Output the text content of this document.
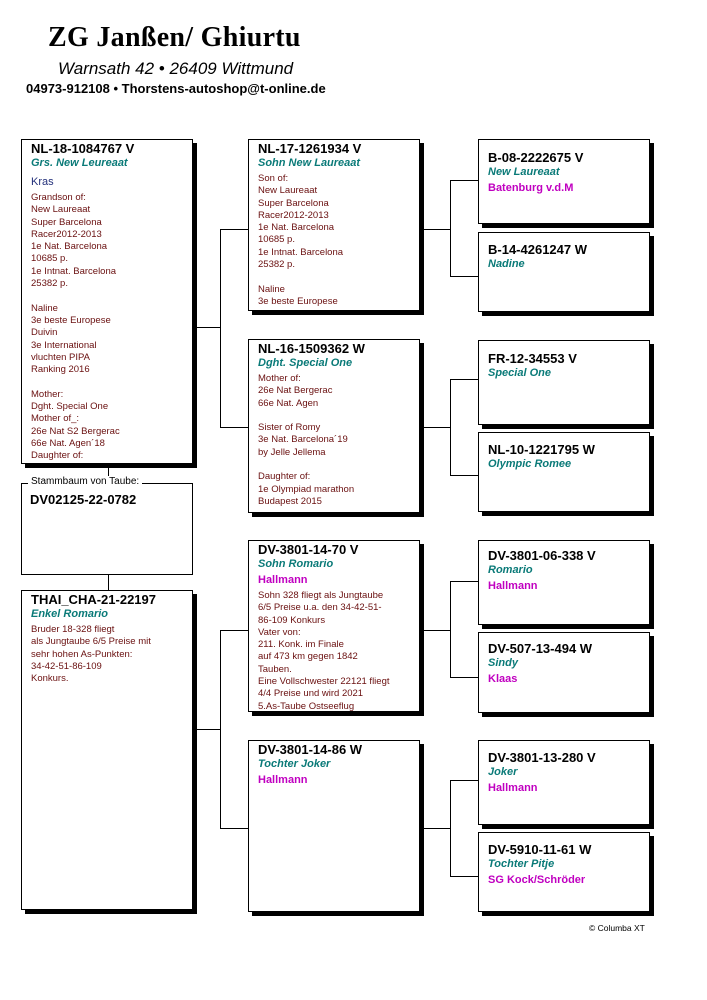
ZG Janßen/ Ghiurtu
Warnsath 42 • 26409 Wittmund
04973-912108 • Thorstens-autoshop@t-online.de
NL-18-1084767 V
Grs. New Leureaat
Kras
Grandson of:
New Laureaat
Super Barcelona
Racer2012-2013
1e Nat. Barcelona
10685 p.
1e Intnat. Barcelona
25382 p.

Naline
3e beste Europese
Duivin
3e International
vluchten PIPA
Ranking 2016

Mother:
Dght. Special One
Mother of_:
26e Nat S2 Bergerac
66e Nat. Agen´18
Daughter of:
Stammbaum von Taube:
DV02125-22-0782
THAI_CHA-21-22197
Enkel Romario
Bruder 18-328 fliegt
als Jungtaube 6/5 Preise mit
sehr hohen As-Punkten:
34-42-51-86-109
Konkurs.
NL-17-1261934 V
Sohn New Laureaat
Son of:
New Laureaat
Super Barcelona
Racer2012-2013
1e Nat. Barcelona
10685 p.
1e Intnat. Barcelona
25382 p.

Naline
3e beste Europese
NL-16-1509362 W
Dght. Special One
Mother of:
26e Nat Bergerac
66e Nat. Agen

Sister of Romy
3e Nat. Barcelona´19
by Jelle Jellema

Daughter of:
1e Olympiad marathon
Budapest 2015
DV-3801-14-70 V
Sohn Romario
Hallmann
Sohn 328 fliegt als Jungtaube
6/5 Preise u.a. den 34-42-51-
86-109 Konkurs
Vater von:
211. Konk. im Finale
auf 473 km gegen 1842
Tauben.
Eine Vollschwester 22121 fliegt
4/4 Preise und wird 2021
5.As-Taube Ostseeflug
DV-3801-14-86 W
Tochter Joker
Hallmann
B-08-2222675 V
New Laureaat
Batenburg v.d.M
B-14-4261247 W
Nadine
FR-12-34553 V
Special One
NL-10-1221795 W
Olympic Romee
DV-3801-06-338 V
Romario
Hallmann
DV-507-13-494 W
Sindy
Klaas
DV-3801-13-280 V
Joker
Hallmann
DV-5910-11-61 W
Tochter Pitje
SG Kock/Schröder
© Columba XT
